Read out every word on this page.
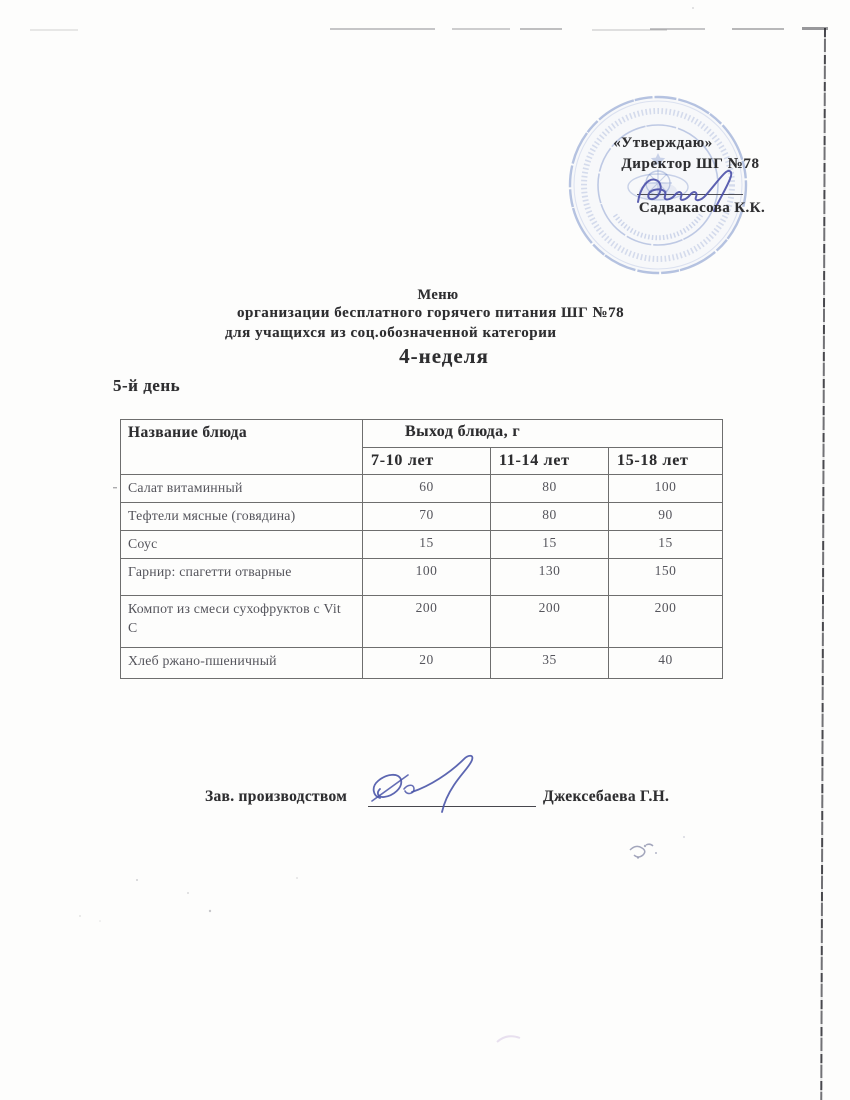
«Утверждаю»
Директор ШГ №78
Садвакасова К.К.
Меню
организации бесплатного горячего питания ШГ №78
для учащихся из соц.обозначенной категории
4-неделя
5-й день
Название блюда	Выход блюда, г		
	7-10 лет	11-14 лет	15-18 лет
Салат витаминный	60	80	100
Тефтели мясные (говядина)	70	80	90
Соус	15	15	15
Гарнир: спагетти отварные	100	130	150
Компот из смеси сухофруктов с Vit C	200	200	200
Хлеб ржано-пшеничный	20	35	40
Зав. производством	Джексебаева Г.Н.
